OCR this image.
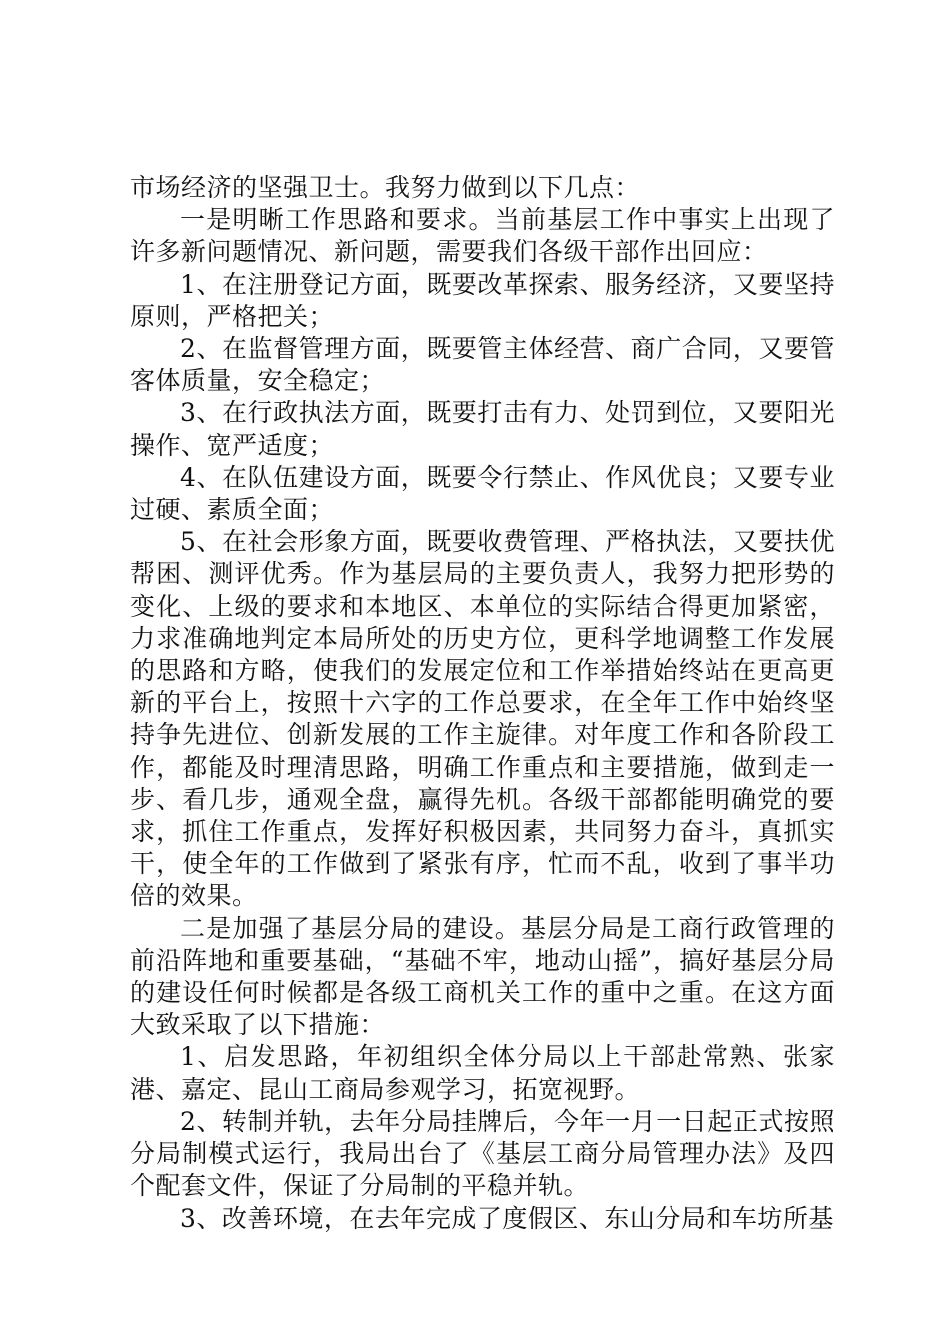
市场经济的坚强卫士。我努力做到以下几点：

一是明晰工作思路和要求。当前基层工作中事实上出现了许多新问题情况、新问题，需要我们各级干部作出回应：

1、在注册登记方面，既要改革探索、服务经济，又要坚持原则，严格把关；

2、在监督管理方面，既要管主体经营、商广合同，又要管客体质量，安全稳定；

3、在行政执法方面，既要打击有力、处罚到位，又要阳光操作、宽严适度；

4、在队伍建设方面，既要令行禁止、作风优良；又要专业过硬、素质全面；

5、在社会形象方面，既要收费管理、严格执法，又要扶优帮困、测评优秀。作为基层局的主要负责人，我努力把形势的变化、上级的要求和本地区、本单位的实际结合得更加紧密，力求准确地判定本局所处的历史方位，更科学地调整工作发展的思路和方略，使我们的发展定位和工作举措始终站在更高更新的平台上，按照十六字的工作总要求，在全年工作中始终坚持争先进位、创新发展的工作主旋律。对年度工作和各阶段工作，都能及时理清思路，明确工作重点和主要措施，做到走一步、看几步，通观全盘，赢得先机。各级干部都能明确党的要求，抓住工作重点，发挥好积极因素，共同努力奋斗，真抓实干，使全年的工作做到了紧张有序，忙而不乱，收到了事半功倍的效果。

二是加强了基层分局的建设。基层分局是工商行政管理的前沿阵地和重要基础，“基础不牢，地动山摇”，搞好基层分局的建设任何时候都是各级工商机关工作的重中之重。在这方面大致采取了以下措施：

1、启发思路，年初组织全体分局以上干部赴常熟、张家港、嘉定、昆山工商局参观学习，拓宽视野。

2、转制并轨，去年分局挂牌后，今年一月一日起正式按照分局制模式运行，我局出台了《基层工商分局管理办法》及四个配套文件，保证了分局制的平稳并轨。

3、改善环境，在去年完成了度假区、东山分局和车坊所基
